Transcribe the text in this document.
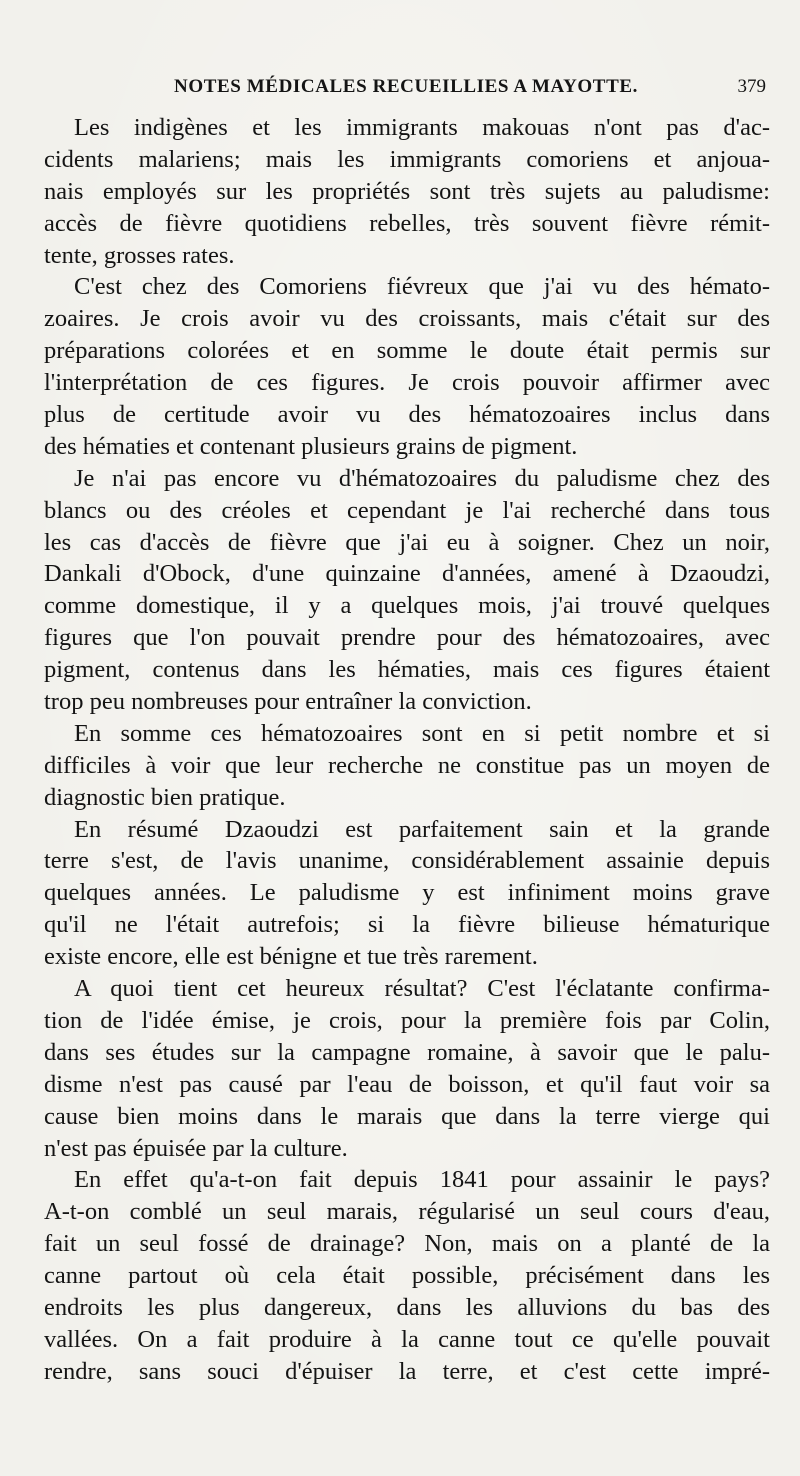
NOTES MÉDICALES RECUEILLIES A MAYOTTE.	379
Les indigènes et les immigrants makouas n'ont pas d'ac-
cidents malariens; mais les immigrants comoriens et anjoua-
nais employés sur les propriétés sont très sujets au paludisme:
accès de fièvre quotidiens rebelles, très souvent fièvre rémit-
tente, grosses rates.
C'est chez des Comoriens fiévreux que j'ai vu des hémato-
zoaires. Je crois avoir vu des croissants, mais c'était sur des
préparations colorées et en somme le doute était permis sur
l'interprétation de ces figures. Je crois pouvoir affirmer avec
plus de certitude avoir vu des hématozoaires inclus dans
des hématies et contenant plusieurs grains de pigment.
Je n'ai pas encore vu d'hématozoaires du paludisme chez des
blancs ou des créoles et cependant je l'ai recherché dans tous
les cas d'accès de fièvre que j'ai eu à soigner. Chez un noir,
Dankali d'Obock, d'une quinzaine d'années, amené à Dzaoudzi,
comme domestique, il y a quelques mois, j'ai trouvé quelques
figures que l'on pouvait prendre pour des hématozoaires, avec
pigment, contenus dans les hématies, mais ces figures étaient
trop peu nombreuses pour entraîner la conviction.
En somme ces hématozoaires sont en si petit nombre et si
difficiles à voir que leur recherche ne constitue pas un moyen de
diagnostic bien pratique.
En résumé Dzaoudzi est parfaitement sain et la grande
terre s'est, de l'avis unanime, considérablement assainie depuis
quelques années. Le paludisme y est infiniment moins grave
qu'il ne l'était autrefois; si la fièvre bilieuse hématurique
existe encore, elle est bénigne et tue très rarement.
A quoi tient cet heureux résultat? C'est l'éclatante confirma-
tion de l'idée émise, je crois, pour la première fois par Colin,
dans ses études sur la campagne romaine, à savoir que le palu-
disme n'est pas causé par l'eau de boisson, et qu'il faut voir sa
cause bien moins dans le marais que dans la terre vierge qui
n'est pas épuisée par la culture.
En effet qu'a-t-on fait depuis 1841 pour assainir le pays?
A-t-on comblé un seul marais, régularisé un seul cours d'eau,
fait un seul fossé de drainage? Non, mais on a planté de la
canne partout où cela était possible, précisément dans les
endroits les plus dangereux, dans les alluvions du bas des
vallées. On a fait produire à la canne tout ce qu'elle pouvait
rendre, sans souci d'épuiser la terre, et c'est cette impré-
